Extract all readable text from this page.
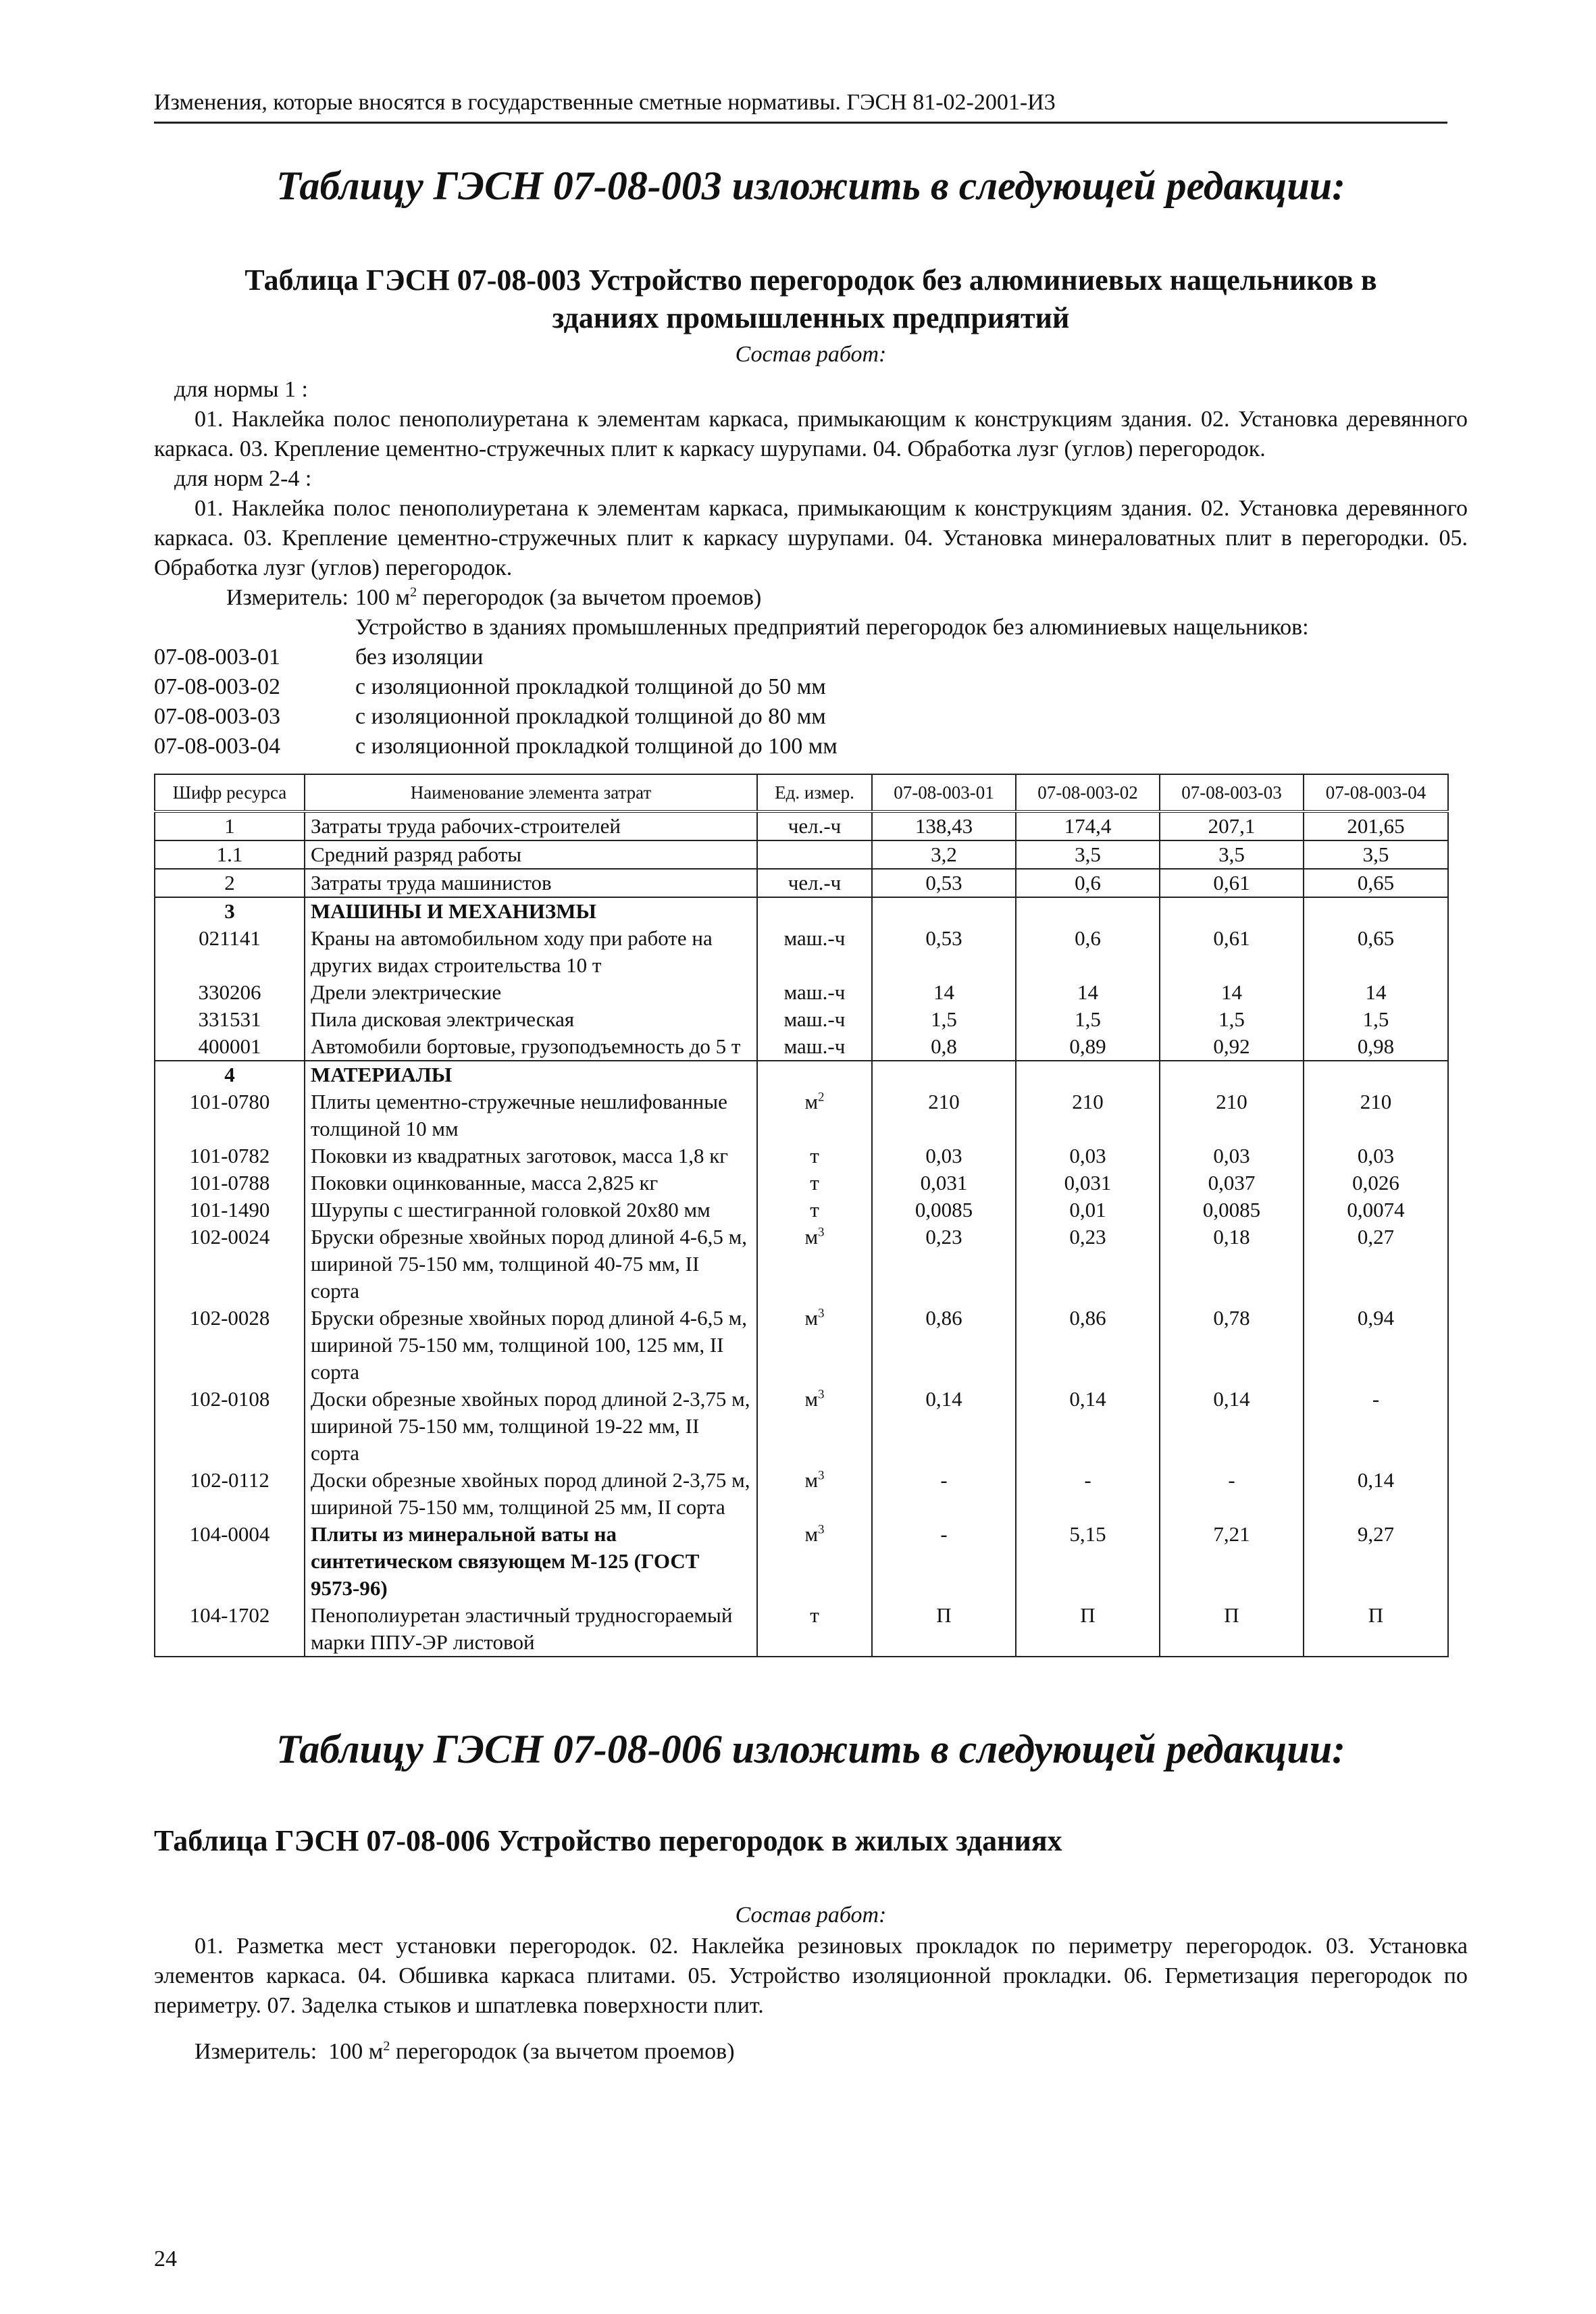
Изменения, которые вносятся в государственные сметные нормативы. ГЭСН 81-02-2001-И3
Таблицу ГЭСН 07-08-003 изложить в следующей редакции:
Таблица ГЭСН 07-08-003 Устройство перегородок без алюминиевых нащельников в
зданиях промышленных предприятий
Состав работ:
для нормы 1 :
01. Наклейка полос пенополиуретана к элементам каркаса, примыкающим к конструкциям здания. 02. Установка деревянного каркаса. 03. Крепление цементно-стружечных плит к каркасу шурупами. 04. Обработка лузг (углов) перегородок.
для норм 2-4 :
01. Наклейка полос пенополиуретана к элементам каркаса, примыкающим к конструкциям здания. 02. Установка деревянного каркаса. 03. Крепление цементно-стружечных плит к каркасу шурупами. 04. Установка минераловатных плит в перегородки. 05. Обработка лузг (углов) перегородок.
Измеритель: 100 $м^2$ перегородок (за вычетом проемов)
Устройство в зданиях промышленных предприятий перегородок без алюминиевых нащельников:
07-08-003-01	без изоляции
07-08-003-02	с изоляционной прокладкой толщиной до 50 мм
07-08-003-03	с изоляционной прокладкой толщиной до 80 мм
07-08-003-04	с изоляционной прокладкой толщиной до 100 мм
Шифр ресурса	Наименование элемента затрат	Ед. измер.	07-08-003-01	07-08-003-02	07-08-003-03	07-08-003-04
1	Затраты труда рабочих-строителей	чел.-ч	138,43	174,4	207,1	201,65
1.1	Средний разряд работы		3,2	3,5	3,5	3,5
2	Затраты труда машинистов	чел.-ч	0,53	0,6	0,61	0,65
3	МАШИНЫ И МЕХАНИЗМЫ					
021141	Краны на автомобильном ходу при работе на других видах строительства 10 т	маш.-ч	0,53	0,6	0,61	0,65
330206	Дрели электрические	маш.-ч	14	14	14	14
331531	Пила дисковая электрическая	маш.-ч	1,5	1,5	1,5	1,5
400001	Автомобили бортовые, грузоподъемность до 5 т	маш.-ч	0,8	0,89	0,92	0,98
4	МАТЕРИАЛЫ					
101-0780	Плиты цементно-стружечные нешлифованные толщиной 10 мм	$м^2$	210	210	210	210
101-0782	Поковки из квадратных заготовок, масса 1,8 кг	т	0,03	0,03	0,03	0,03
101-0788	Поковки оцинкованные, масса 2,825 кг	т	0,031	0,031	0,037	0,026
101-1490	Шурупы с шестигранной головкой 20х80 мм	т	0,0085	0,01	0,0085	0,0074
102-0024	Бруски обрезные хвойных пород длиной 4-6,5 м, шириной 75-150 мм, толщиной 40-75 мм, II сорта	$м^3$	0,23	0,23	0,18	0,27
102-0028	Бруски обрезные хвойных пород длиной 4-6,5 м, шириной 75-150 мм, толщиной 100, 125 мм, II сорта	$м^3$	0,86	0,86	0,78	0,94
102-0108	Доски обрезные хвойных пород длиной 2-3,75 м, шириной 75-150 мм, толщиной 19-22 мм, II сорта	$м^3$	0,14	0,14	0,14	-
102-0112	Доски обрезные хвойных пород длиной 2-3,75 м, шириной 75-150 мм, толщиной 25 мм, II сорта	$м^3$	-	-	-	0,14
104-0004	Плиты из минеральной ваты на синтетическом связующем М-125 (ГОСТ 9573-96)	$м^3$	-	5,15	7,21	9,27
104-1702	Пенополиуретан эластичный трудносгораемый марки ППУ-ЭР листовой	т	П	П	П	П
Таблицу ГЭСН 07-08-006 изложить в следующей редакции:
Таблица ГЭСН 07-08-006 Устройство перегородок в жилых зданиях
Состав работ:
01. Разметка мест установки перегородок. 02. Наклейка резиновых прокладок по периметру перегородок. 03. Установка элементов каркаса. 04. Обшивка каркаса плитами. 05. Устройство изоляционной прокладки. 06. Герметизация перегородок по периметру. 07. Заделка стыков и шпатлевка поверхности плит.
Измеритель: 100 $м^2$ перегородок (за вычетом проемов)
24
